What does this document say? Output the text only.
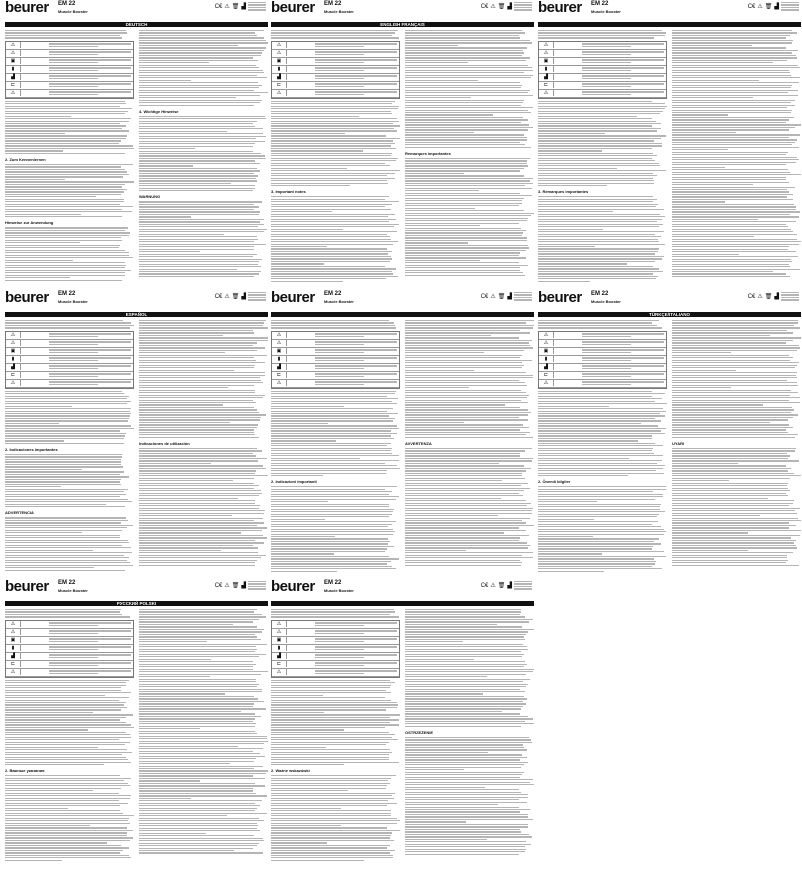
beurer EM 22
Muscle Booster
C€ ⚠ 🗑 ▟
DEUTSCH
⚠
⚠
▣
▮
▟
⊏
⚠
2. Zum Kennenlernen
Hinweise zur Anwendung
4. Wichtige Hinweise
WARNUNG
beurer EM 22
Muscle Booster
C€ ⚠ 🗑 ▟
ENGLISH FRANÇAIS
⚠
⚠
▣
▮
▟
⊏
⚠
3. Important notes
Remarques importantes
beurer EM 22
Muscle Booster
C€ ⚠ 🗑 ▟
⚠
⚠
▣
▮
▟
⊏
⚠
3. Remarques importantes
beurer EM 22
Muscle Booster
C€ ⚠ 🗑 ▟
ESPAÑOL
⚠
⚠
▣
▮
▟
⊏
⚠
2. Indicaciones importantes
ADVERTENCIA
Indicaciones de utilización
beurer EM 22
Muscle Booster
C€ ⚠ 🗑 ▟
⚠
⚠
▣
▮
▟
⊏
⚠
2. Indicazioni importanti
AVVERTENZA
beurer EM 22
Muscle Booster
C€ ⚠ 🗑 ▟
TÜRKÇE/ITALIANO
⚠
⚠
▣
▮
▟
⊏
⚠
2. Önemli bilgiler
UYARI
beurer EM 22
Muscle Booster
C€ ⚠ 🗑 ▟
РУССКИЙ POLSKI
⚠
⚠
▣
▮
▟
⊏
⚠
2. Важные указания
beurer EM 22
Muscle Booster
C€ ⚠ 🗑 ▟
⚠
⚠
▣
▮
▟
⊏
⚠
2. Ważne wskazówki
OSTRZEŻENIE
